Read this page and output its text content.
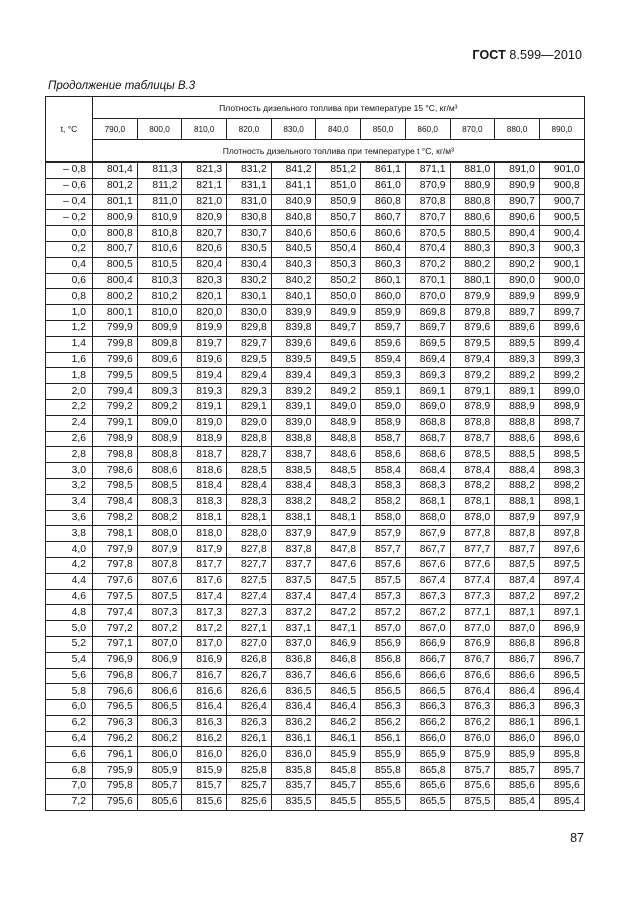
ГОСТ 8.599—2010
Продолжение таблицы В.3
t, °C	Плотность дизельного топлива при температуре 15 °С, кг/м³										
	790,0	800,0	810,0	820,0	830,0	840,0	850,0	860,0	870,0	880,0	890,0
	Плотность дизельного топлива при температуре t °С, кг/м³										
– 0,8	801,4	811,3	821,3	831,2	841,2	851,2	861,1	871,1	881,0	891,0	901,0
– 0,6	801,2	811,2	821,1	831,1	841,1	851,0	861,0	870,9	880,9	890,9	900,8
– 0,4	801,1	811,0	821,0	831,0	840,9	850,9	860,8	870,8	880,8	890,7	900,7
– 0,2	800,9	810,9	820,9	830,8	840,8	850,7	860,7	870,7	880,6	890,6	900,5
0,0	800,8	810,8	820,7	830,7	840,6	850,6	860,6	870,5	880,5	890,4	900,4
0,2	800,7	810,6	820,6	830,5	840,5	850,4	860,4	870,4	880,3	890,3	900,3
0,4	800,5	810,5	820,4	830,4	840,3	850,3	860,3	870,2	880,2	890,2	900,1
0,6	800,4	810,3	820,3	830,2	840,2	850,2	860,1	870,1	880,1	890,0	900,0
0,8	800,2	810,2	820,1	830,1	840,1	850,0	860,0	870,0	879,9	889,9	899,9
1,0	800,1	810,0	820,0	830,0	839,9	849,9	859,9	869,8	879,8	889,7	899,7
1,2	799,9	809,9	819,9	829,8	839,8	849,7	859,7	869,7	879,6	889,6	899,6
1,4	799,8	809,8	819,7	829,7	839,6	849,6	859,6	869,5	879,5	889,5	899,4
1,6	799,6	809,6	819,6	829,5	839,5	849,5	859,4	869,4	879,4	889,3	899,3
1,8	799,5	809,5	819,4	829,4	839,4	849,3	859,3	869,3	879,2	889,2	899,2
2,0	799,4	809,3	819,3	829,3	839,2	849,2	859,1	869,1	879,1	889,1	899,0
2,2	799,2	809,2	819,1	829,1	839,1	849,0	859,0	869,0	878,9	888,9	898,9
2,4	799,1	809,0	819,0	829,0	839,0	848,9	858,9	868,8	878,8	888,8	898,7
2,6	798,9	808,9	818,9	828,8	838,8	848,8	858,7	868,7	878,7	888,6	898,6
2,8	798,8	808,8	818,7	828,7	838,7	848,6	858,6	868,6	878,5	888,5	898,5
3,0	798,6	808,6	818,6	828,5	838,5	848,5	858,4	868,4	878,4	888,4	898,3
3,2	798,5	808,5	818,4	828,4	838,4	848,3	858,3	868,3	878,2	888,2	898,2
3,4	798,4	808,3	818,3	828,3	838,2	848,2	858,2	868,1	878,1	888,1	898,1
3,6	798,2	808,2	818,1	828,1	838,1	848,1	858,0	868,0	878,0	887,9	897,9
3,8	798,1	808,0	818,0	828,0	837,9	847,9	857,9	867,9	877,8	887,8	897,8
4,0	797,9	807,9	817,9	827,8	837,8	847,8	857,7	867,7	877,7	887,7	897,6
4,2	797,8	807,8	817,7	827,7	837,7	847,6	857,6	867,6	877,6	887,5	897,5
4,4	797,6	807,6	817,6	827,5	837,5	847,5	857,5	867,4	877,4	887,4	897,4
4,6	797,5	807,5	817,4	827,4	837,4	847,4	857,3	867,3	877,3	887,2	897,2
4,8	797,4	807,3	817,3	827,3	837,2	847,2	857,2	867,2	877,1	887,1	897,1
5,0	797,2	807,2	817,2	827,1	837,1	847,1	857,0	867,0	877,0	887,0	896,9
5,2	797,1	807,0	817,0	827,0	837,0	846,9	856,9	866,9	876,9	886,8	896,8
5,4	796,9	806,9	816,9	826,8	836,8	846,8	856,8	866,7	876,7	886,7	896,7
5,6	796,8	806,7	816,7	826,7	836,7	846,6	856,6	866,6	876,6	886,6	896,5
5,8	796,6	806,6	816,6	826,6	836,5	846,5	856,5	866,5	876,4	886,4	896,4
6,0	796,5	806,5	816,4	826,4	836,4	846,4	856,3	866,3	876,3	886,3	896,3
6,2	796,3	806,3	816,3	826,3	836,2	846,2	856,2	866,2	876,2	886,1	896,1
6,4	796,2	806,2	816,2	826,1	836,1	846,1	856,1	866,0	876,0	886,0	896,0
6,6	796,1	806,0	816,0	826,0	836,0	845,9	855,9	865,9	875,9	885,9	895,8
6,8	795,9	805,9	815,9	825,8	835,8	845,8	855,8	865,8	875,7	885,7	895,7
7,0	795,8	805,7	815,7	825,7	835,7	845,7	855,6	865,6	875,6	885,6	895,6
7,2	795,6	805,6	815,6	825,6	835,5	845,5	855,5	865,5	875,5	885,4	895,4
87
